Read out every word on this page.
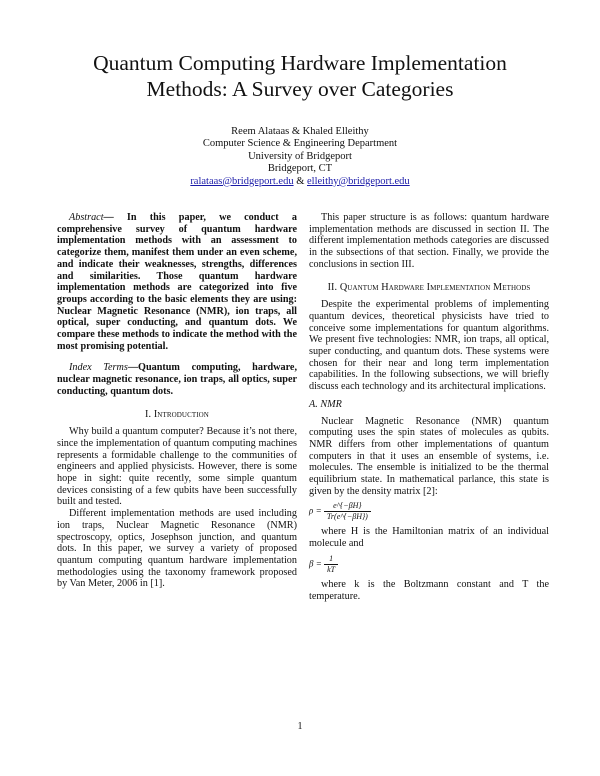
Quantum Computing Hardware Implementation
Methods: A Survey over Categories
Reem Alataas & Khaled Elleithy
Computer Science & Engineering Department
University of Bridgeport
Bridgeport, CT
ralataas@bridgeport.edu & elleithy@bridgeport.edu

Abstract— In this paper, we conduct a comprehensive survey of quantum hardware implementation methods with an assessment to categorize them, manifest them under an even scheme, and indicate their weaknesses, strengths, differences and similarities. Those quantum hardware implementation methods are categorized into five groups according to the basic elements they are using: Nuclear Magnetic Resonance (NMR), ion traps, all optical, super conducting, and quantum dots. We compare these methods to indicate the method with the most promising potential.

Index Terms—Quantum computing, hardware, nuclear magnetic resonance, ion traps, all optics, super conducting, quantum dots.

I. Introduction

Why build a quantum computer? Because it’s not there, since the implementation of quantum computing machines represents a formidable challenge to the communities of engineers and applied physicists. However, there is some hope in sight: quite recently, some simple quantum devices consisting of a few qubits have been successfully built and tested.

Different implementation methods are used including ion traps, Nuclear Magnetic Resonance (NMR) spectroscopy, optics, Josephson junction, and quantum dots. In this paper, we survey a variety of proposed quantum computing quantum hardware implementation methodologies using the taxonomy framework proposed by Van Meter, 2006 in [1].

This paper structure is as follows: quantum hardware implementation methods are discussed in section II. The different implementation methods categories are discussed in the subsections of that section. Finally, we provide the conclusions in section III.

II. Quantum Hardware Implementation Methods

Despite the experimental problems of implementing quantum devices, theoretical physicists have tried to conceive some implementations for quantum algorithms. We present five technologies: NMR, ion traps, all optical, super conducting, and quantum dots. These systems were chosen for their near and long term implementation capabilities. In the following subsections, we will briefly discuss each technology and its architectural implications.

A. NMR

Nuclear Magnetic Resonance (NMR) quantum computing uses the spin states of molecules as qubits. NMR differs from other implementations of quantum computers in that it uses an ensemble of systems, i.e. molecules. The ensemble is initialized to be the thermal equilibrium state. In mathematical parlance, this state is given by the density matrix [2]:

$\rho = \frac{e\^{}\{-\beta H\}}{Tr(e\^{}\{-\beta H\})}$

where H is the Hamiltonian matrix of an individual molecule and

$\beta = \frac{1}{kT}$

where k is the Boltzmann constant and T the temperature.

1
